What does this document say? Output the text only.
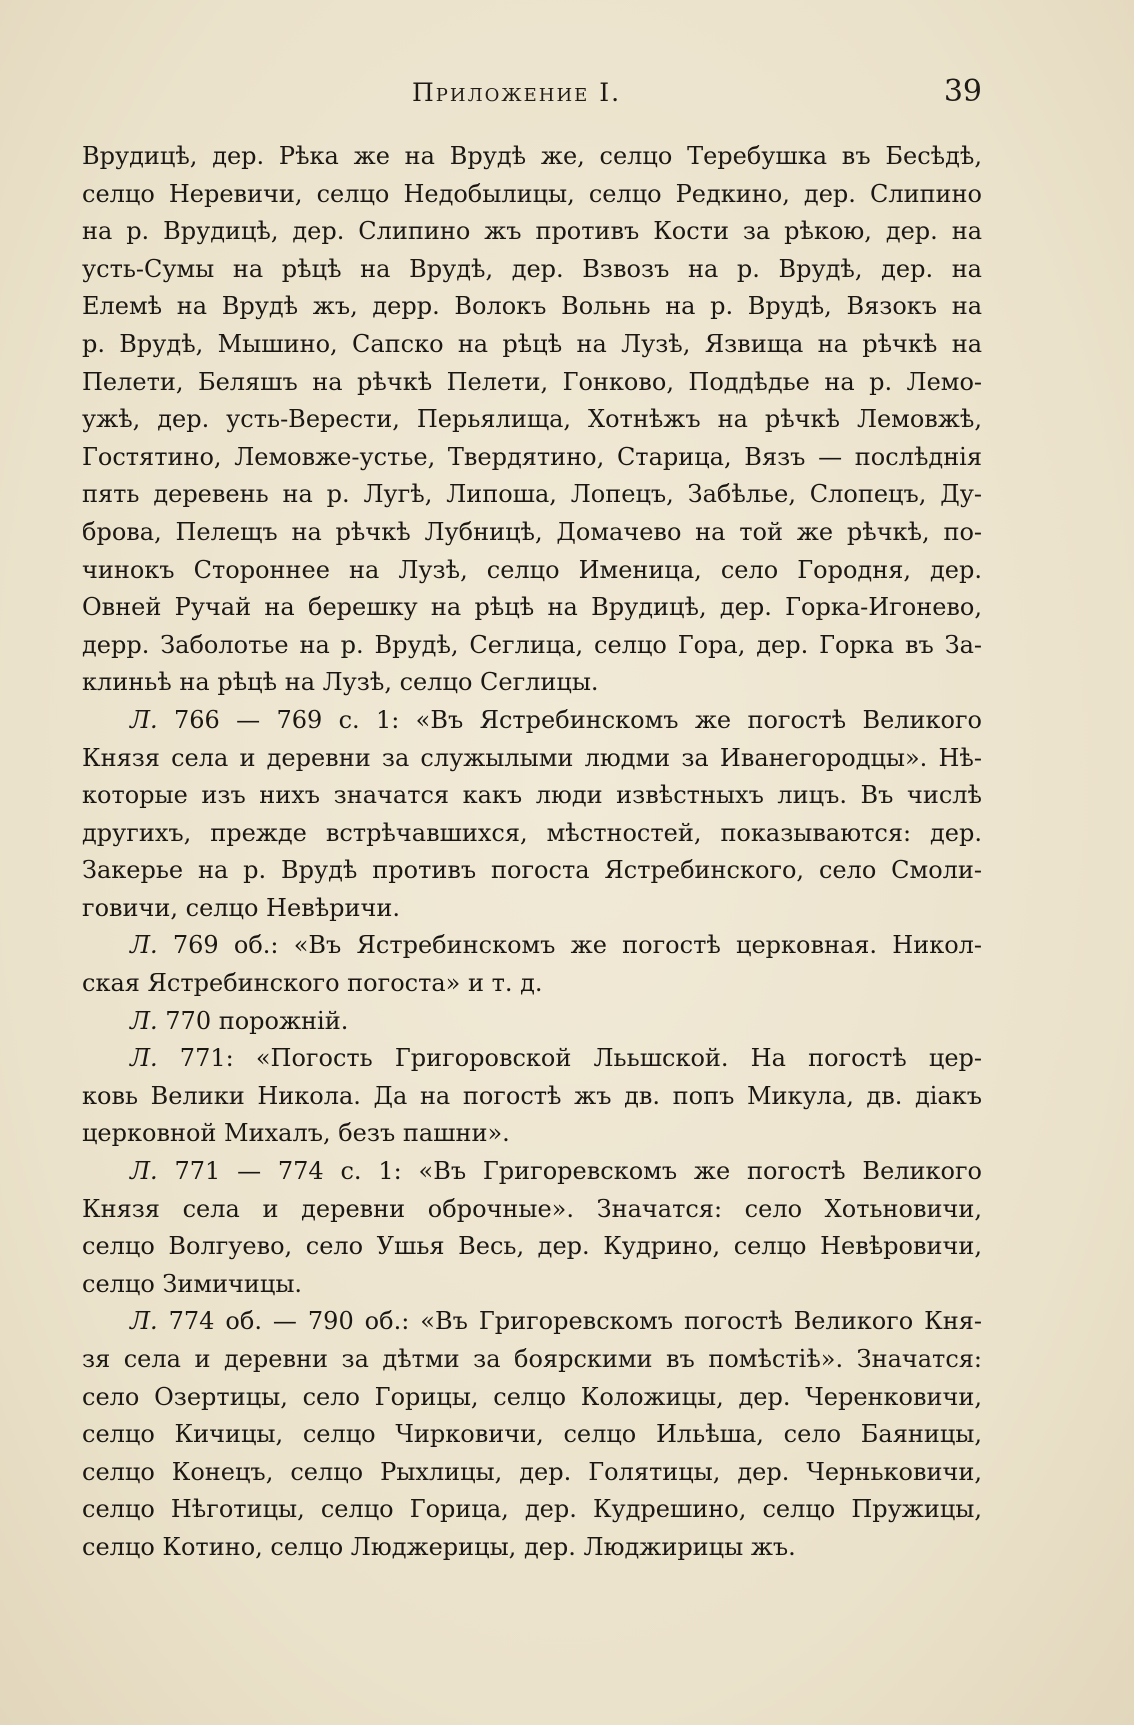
Приложение I.	39
Врудицѣ, дер. Рѣка же на Врудѣ же, селцо Теребушка въ Бесѣдѣ,
селцо Неревичи, селцо Недобылицы, селцо Редкино, дер. Слипино
на р. Врудицѣ, дер. Слипино жъ противъ Кости за рѣкою, дер. на
усть-Сумы на рѣцѣ на Врудѣ, дер. Взвозъ на р. Врудѣ, дер. на
Елемѣ на Врудѣ жъ, дерр. Волокъ Вольнь на р. Врудѣ, Вязокъ на
р. Врудѣ, Мышино, Сапско на рѣцѣ на Лузѣ, Язвища на рѣчкѣ на
Пелети, Беляшъ на рѣчкѣ Пелети, Гонково, Поддѣдье на р. Лемо-
ужѣ, дер. усть-Верести, Перьялища, Хотнѣжъ на рѣчкѣ Лемовжѣ,
Гостятино, Лемовже-устье, Твердятино, Старица, Вязъ — послѣднія
пять деревень на р. Лугѣ, Липоша, Лопецъ, Забѣлье, Слопецъ, Ду-
брова, Пелещъ на рѣчкѣ Лубницѣ, Домачево на той же рѣчкѣ, по-
чинокъ Стороннее на Лузѣ, селцо Именица, село Городня, дер.
Овней Ручай на берешку на рѣцѣ на Врудицѣ, дер. Горка-Игонево,
дерр. Заболотье на р. Врудѣ, Сеглица, селцо Гора, дер. Горка въ За-
клиньѣ на рѣцѣ на Лузѣ, селцо Сеглицы.
Л. 766 — 769 с. 1: «Въ Ястребинскомъ же погостѣ Великого
Князя села и деревни за служылыми людми за Иванегородцы». Нѣ-
которые изъ нихъ значатся какъ люди извѣстныхъ лицъ. Въ числѣ
другихъ, прежде встрѣчавшихся, мѣстностей, показываются: дер.
Закерье на р. Врудѣ противъ погоста Ястребинского, село Смоли-
говичи, селцо Невѣричи.
Л. 769 об.: «Въ Ястребинскомъ же погостѣ церковная. Никол-
ская Ястребинского погоста» и т. д.
Л. 770 порожній.
Л. 771: «Погость Григоровской Лььшской. На погостѣ цер-
ковь Велики Никола. Да на погостѣ жъ дв. попъ Микула, дв. діакъ
церковной Михалъ, безъ пашни».
Л. 771 — 774 с. 1: «Въ Григоревскомъ же погостѣ Великого
Князя села и деревни оброчные». Значатся: село Хотьновичи,
селцо Волгуево, село Ушья Весь, дер. Кудрино, селцо Невѣровичи,
селцо Зимичицы.
Л. 774 об. — 790 об.: «Въ Григоревскомъ погостѣ Великого Кня-
зя села и деревни за дѣтми за боярскими въ помѣстіѣ». Значатся:
село Озертицы, село Горицы, селцо Коложицы, дер. Черенковичи,
селцо Кичицы, селцо Чирковичи, селцо Ильѣша, село Баяницы,
селцо Конецъ, селцо Рыхлицы, дер. Голятицы, дер. Черньковичи,
селцо Нѣготицы, селцо Горица, дер. Кудрешино, селцо Пружицы,
селцо Котино, селцо Люджерицы, дер. Люджирицы жъ.
